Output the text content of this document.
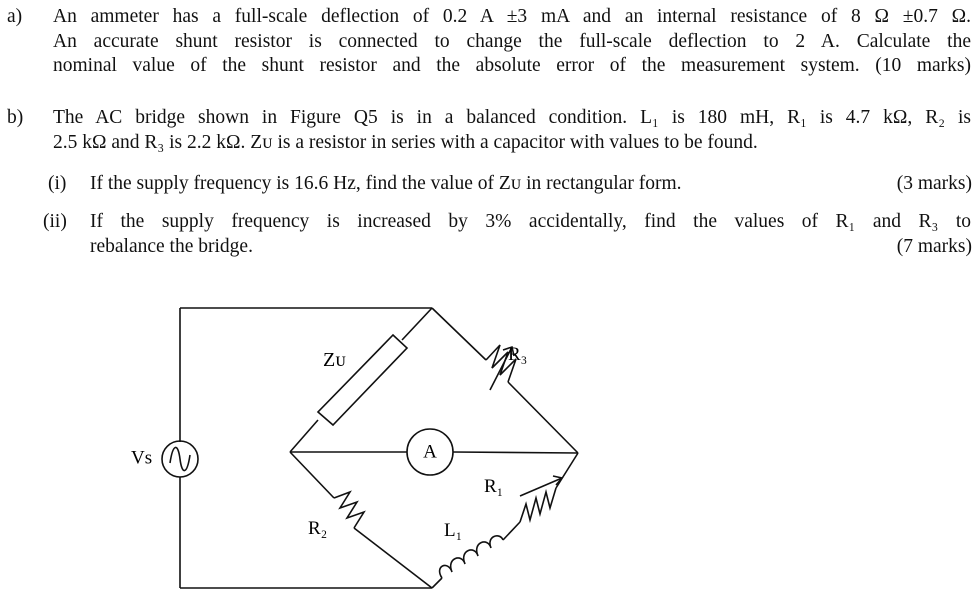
a) An ammeter has a full-scale deflection of 0.2 A ±3 mA and an internal resistance of 8 Ω ±0.7 Ω.
An accurate shunt resistor is connected to change the full-scale deflection to 2 A. Calculate the
nominal value of the shunt resistor and the absolute error of the measurement system. (10 marks)
b) The AC bridge shown in Figure Q5 is in a balanced condition. L₁ is 180 mH, R₁ is 4.7 kΩ, R₂ is
2.5 kΩ and R₃ is 2.2 kΩ. Zᴜ is a resistor in series with a capacitor with values to be found.
(i) If the supply frequency is 16.6 Hz, find the value of Zᴜ in rectangular form.	(3 marks)
(ii) If the supply frequency is increased by 3% accidentally, find the values of R₁ and R₃ to
rebalance the bridge.	(7 marks)
Vs
Zᴜ	R₃
R₁
R₂	L₁
A
